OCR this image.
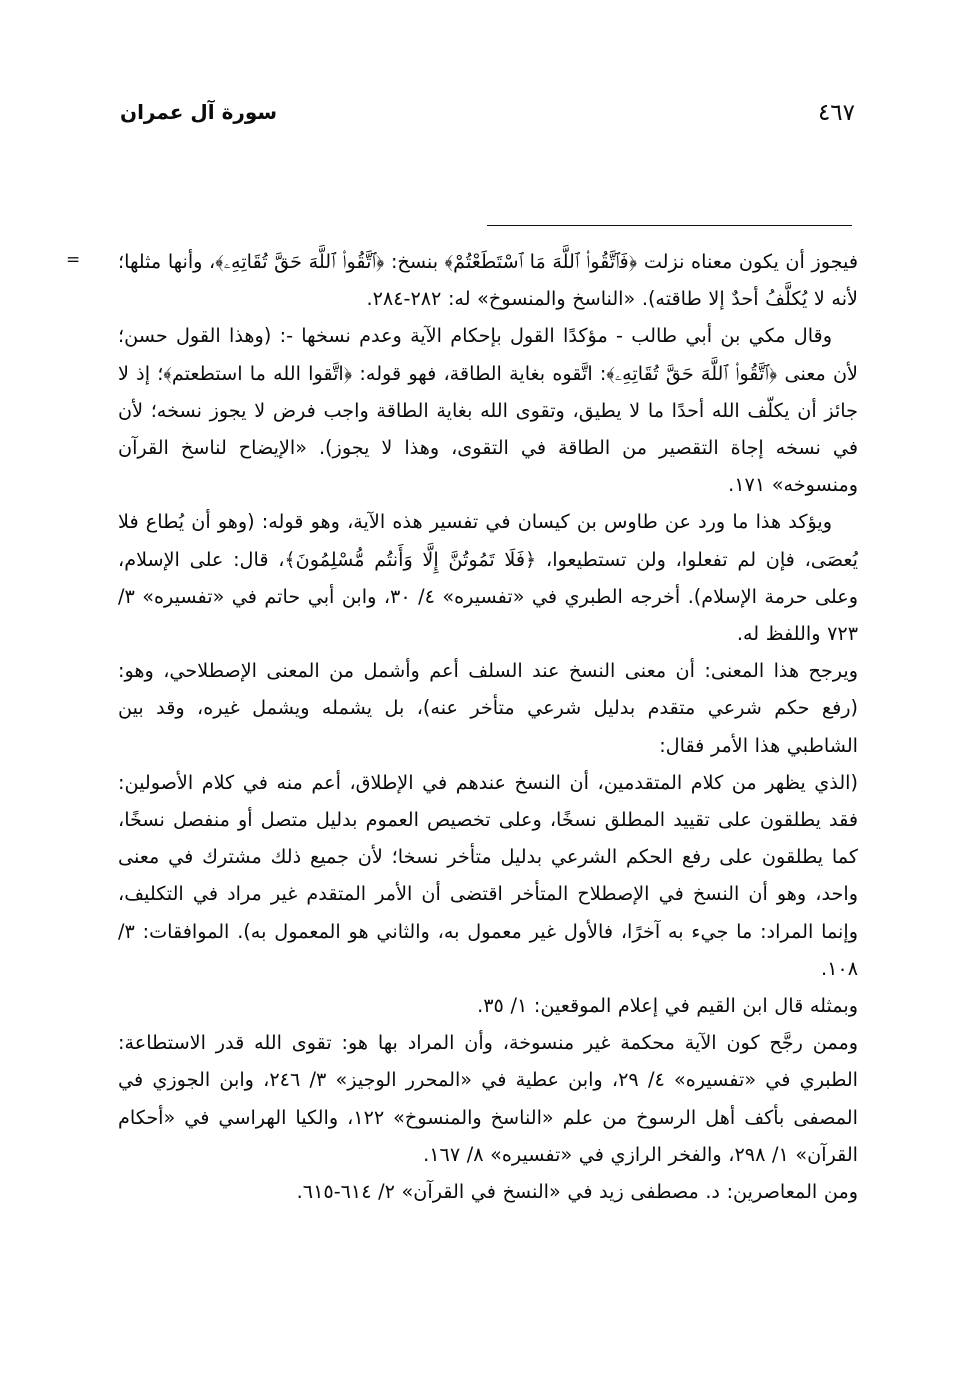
سورة آل عمران	٤٦٧
= فيجوز أن يكون معناه نزلت ﴿فَٱتَّقُوا۟ ٱللَّهَ مَا ٱسْتَطَعْتُمْ﴾ بنسخ: ﴿ٱتَّقُوا۟ ٱللَّهَ حَقَّ تُقَاتِهِۦ﴾، وأنها مثلها؛ لأنه لا يُكلَّفُ أحدٌ إلا طاقته). «الناسخ والمنسوخ» له: ٢٨٢-٢٨٤.

وقال مكي بن أبي طالب - مؤكدًا القول بإحكام الآية وعدم نسخها -: (وهذا القول حسن؛ لأن معنى ﴿ٱتَّقُوا۟ ٱللَّهَ حَقَّ تُقَاتِهِۦ﴾: اتَّقوه بغاية الطاقة، فهو قوله: ﴿اتَّقوا الله ما استطعتم﴾؛ إذ لا جائز أن يكلّف الله أحدًا ما لا يطيق، وتقوى الله بغاية الطاقة واجب فرض لا يجوز نسخه؛ لأن في نسخه إجاة التقصير من الطاقة في التقوى، وهذا لا يجوز). «الإيضاح لناسخ القرآن ومنسوخه» ١٧١.

ويؤكد هذا ما ورد عن طاوس بن كيسان في تفسير هذه الآية، وهو قوله: (وهو أن يُطاع فلا يُعصَى، فإن لم تفعلوا، ولن تستطيعوا، ﴿فَلَا تَمُوتُنَّ إِلَّا وَأَنتُم مُّسْلِمُونَ﴾، قال: على الإسلام، وعلى حرمة الإسلام). أخرجه الطبري في «تفسيره» ٤/ ٣٠، وابن أبي حاتم في «تفسيره» ٣/ ٧٢٣ واللفظ له.

ويرجح هذا المعنى: أن معنى النسخ عند السلف أعم وأشمل من المعنى الإصطلاحي، وهو: (رفع حكم شرعي متقدم بدليل شرعي متأخر عنه)، بل يشمله ويشمل غيره، وقد بين الشاطبي هذا الأمر فقال:

(الذي يظهر من كلام المتقدمين، أن النسخ عندهم في الإطلاق، أعم منه في كلام الأصولين: فقد يطلقون على تقييد المطلق نسخًا، وعلى تخصيص العموم بدليل متصل أو منفصل نسخًا، كما يطلقون على رفع الحكم الشرعي بدليل متأخر نسخا؛ لأن جميع ذلك مشترك في معنى واحد، وهو أن النسخ في الإصطلاح المتأخر اقتضى أن الأمر المتقدم غير مراد في التكليف، وإنما المراد: ما جيء به آخرًا، فالأول غير معمول به، والثاني هو المعمول به). الموافقات: ٣/ ١٠٨.

وبمثله قال ابن القيم في إعلام الموقعين: ١/ ٣٥.

وممن رجَّح كون الآية محكمة غير منسوخة، وأن المراد بها هو: تقوى الله قدر الاستطاعة: الطبري في «تفسيره» ٤/ ٢٩، وابن عطية في «المحرر الوجيز» ٣/ ٢٤٦، وابن الجوزي في المصفى بأكف أهل الرسوخ من علم «الناسخ والمنسوخ» ١٢٢، والكيا الهراسي في «أحكام القرآن» ١/ ٢٩٨، والفخر الرازي في «تفسيره» ٨/ ١٦٧.

ومن المعاصرين: د. مصطفى زيد في «النسخ في القرآن» ٢/ ٦١٤-٦١٥.
